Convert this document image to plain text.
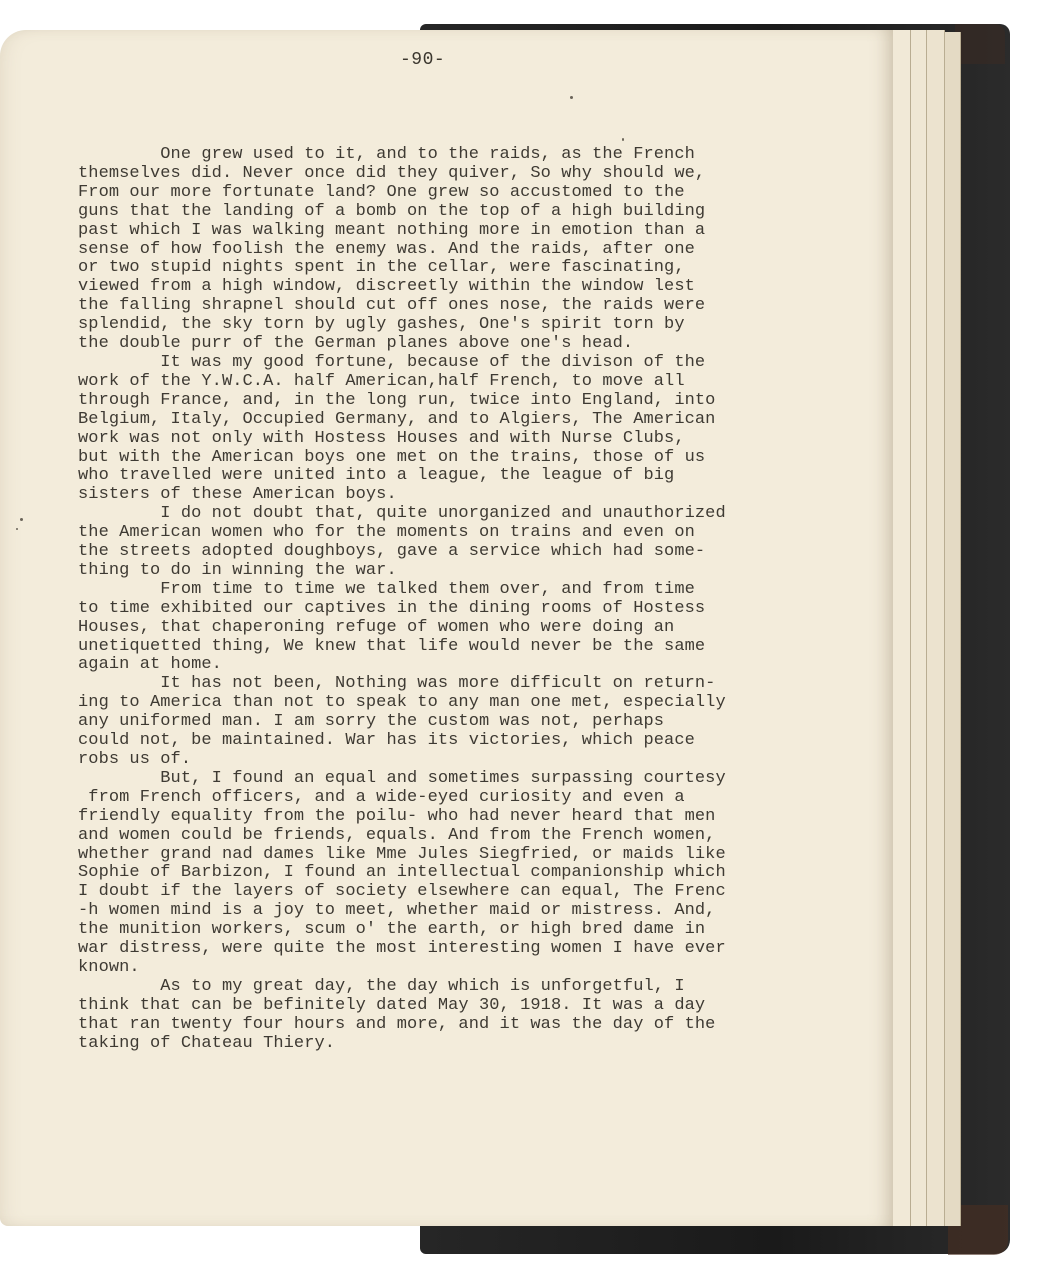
-90-
One grew used to it, and to the raids, as the French
themselves did. Never once did they quiver, So why should we,
From our more fortunate land? One grew so accustomed to the
guns that the landing of a bomb on the top of a high building
past which I was walking meant nothing more in emotion than a
sense of how foolish the enemy was. And the raids, after one
or two stupid nights spent in the cellar, were fascinating,
viewed from a high window, discreetly within the window lest
the falling shrapnel should cut off ones nose, the raids were
splendid, the sky torn by ugly gashes, One's spirit torn by
the double purr of the German planes above one's head.
It was my good fortune, because of the divison of the
work of the Y.W.C.A. half American,half French, to move all
through France, and, in the long run, twice into England, into
Belgium, Italy, Occupied Germany, and to Algiers, The American
work was not only with Hostess Houses and with Nurse Clubs,
but with the American boys one met on the trains, those of us
who travelled were united into a league, the league of big
sisters of these American boys.
I do not doubt that, quite unorganized and unauthorized
the American women who for the moments on trains and even on
the streets adopted doughboys, gave a service which had some-
thing to do in winning the war.
From time to time we talked them over, and from time
to time exhibited our captives in the dining rooms of Hostess
Houses, that chaperoning refuge of women who were doing an
unetiquetted thing, We knew that life would never be the same
again at home.
It has not been, Nothing was more difficult on return-
ing to America than not to speak to any man one met, especially
any uniformed man. I am sorry the custom was not, perhaps
could not, be maintained. War has its victories, which peace
robs us of.
But, I found an equal and sometimes surpassing courtesy
from French officers, and a wide-eyed curiosity and even a
friendly equality from the poilu- who had never heard that men
and women could be friends, equals. And from the French women,
whether grand nad dames like Mme Jules Siegfried, or maids like
Sophie of Barbizon, I found an intellectual companionship which
I doubt if the layers of society elsewhere can equal, The Frenc
-h women mind is a joy to meet, whether maid or mistress. And,
the munition workers, scum o' the earth, or high bred dame in
war distress, were quite the most interesting women I have ever
known.
As to my great day, the day which is unforgetful, I
think that can be befinitely dated May 30, 1918. It was a day
that ran twenty four hours and more, and it was the day of the
taking of Chateau Thiery.
